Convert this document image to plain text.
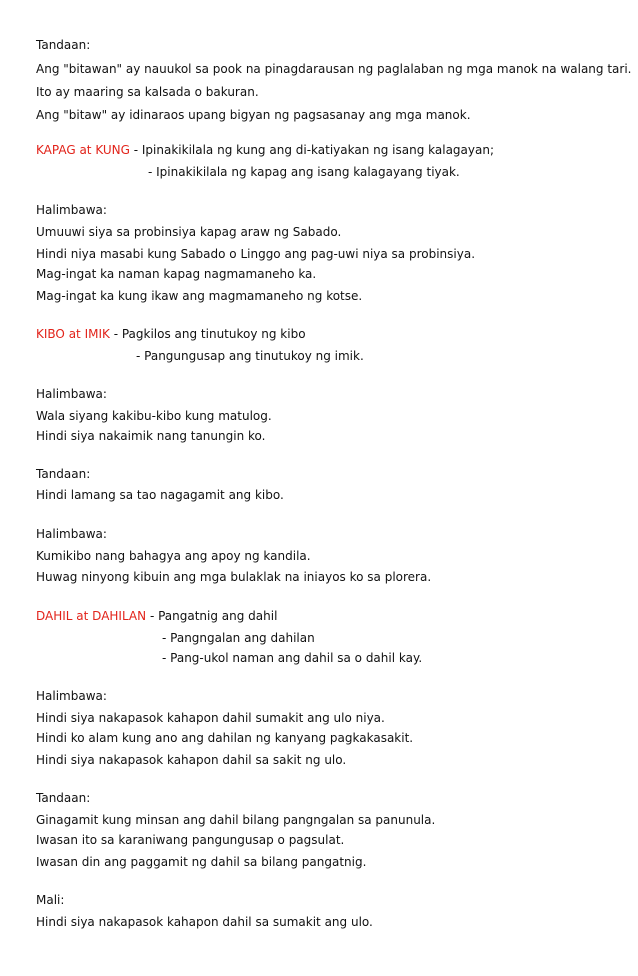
Tandaan:
Ang "bitawan" ay nauukol sa pook na pinagdarausan ng paglalaban ng mga manok na walang tari.
Ito ay maaring sa kalsada o bakuran.
Ang "bitaw" ay idinaraos upang bigyan ng pagsasanay ang mga manok.
KAPAG at KUNG - Ipinakikilala ng kung ang di-katiyakan ng isang kalagayan;
- Ipinakikilala ng kapag ang isang kalagayang tiyak.
Halimbawa:
Umuuwi siya sa probinsiya kapag araw ng Sabado.
Hindi niya masabi kung Sabado o Linggo ang pag-uwi niya sa probinsiya.
Mag-ingat ka naman kapag nagmamaneho ka.
Mag-ingat ka kung ikaw ang magmamaneho ng kotse.
KIBO at IMIK - Pagkilos ang tinutukoy ng kibo
- Pangungusap ang tinutukoy ng imik.
Halimbawa:
Wala siyang kakibu-kibo kung matulog.
Hindi siya nakaimik nang tanungin ko.
Tandaan:
Hindi lamang sa tao nagagamit ang kibo.
Halimbawa:
Kumikibo nang bahagya ang apoy ng kandila.
Huwag ninyong kibuin ang mga bulaklak na iniayos ko sa plorera.
DAHIL at DAHILAN - Pangatnig ang dahil
- Pangngalan ang dahilan
- Pang-ukol naman ang dahil sa o dahil kay.
Halimbawa:
Hindi siya nakapasok kahapon dahil sumakit ang ulo niya.
Hindi ko alam kung ano ang dahilan ng kanyang pagkakasakit.
Hindi siya nakapasok kahapon dahil sa sakit ng ulo.
Tandaan:
Ginagamit kung minsan ang dahil bilang pangngalan sa panunula.
Iwasan ito sa karaniwang pangungusap o pagsulat.
Iwasan din ang paggamit ng dahil sa bilang pangatnig.
Mali:
Hindi siya nakapasok kahapon dahil sa sumakit ang ulo.
